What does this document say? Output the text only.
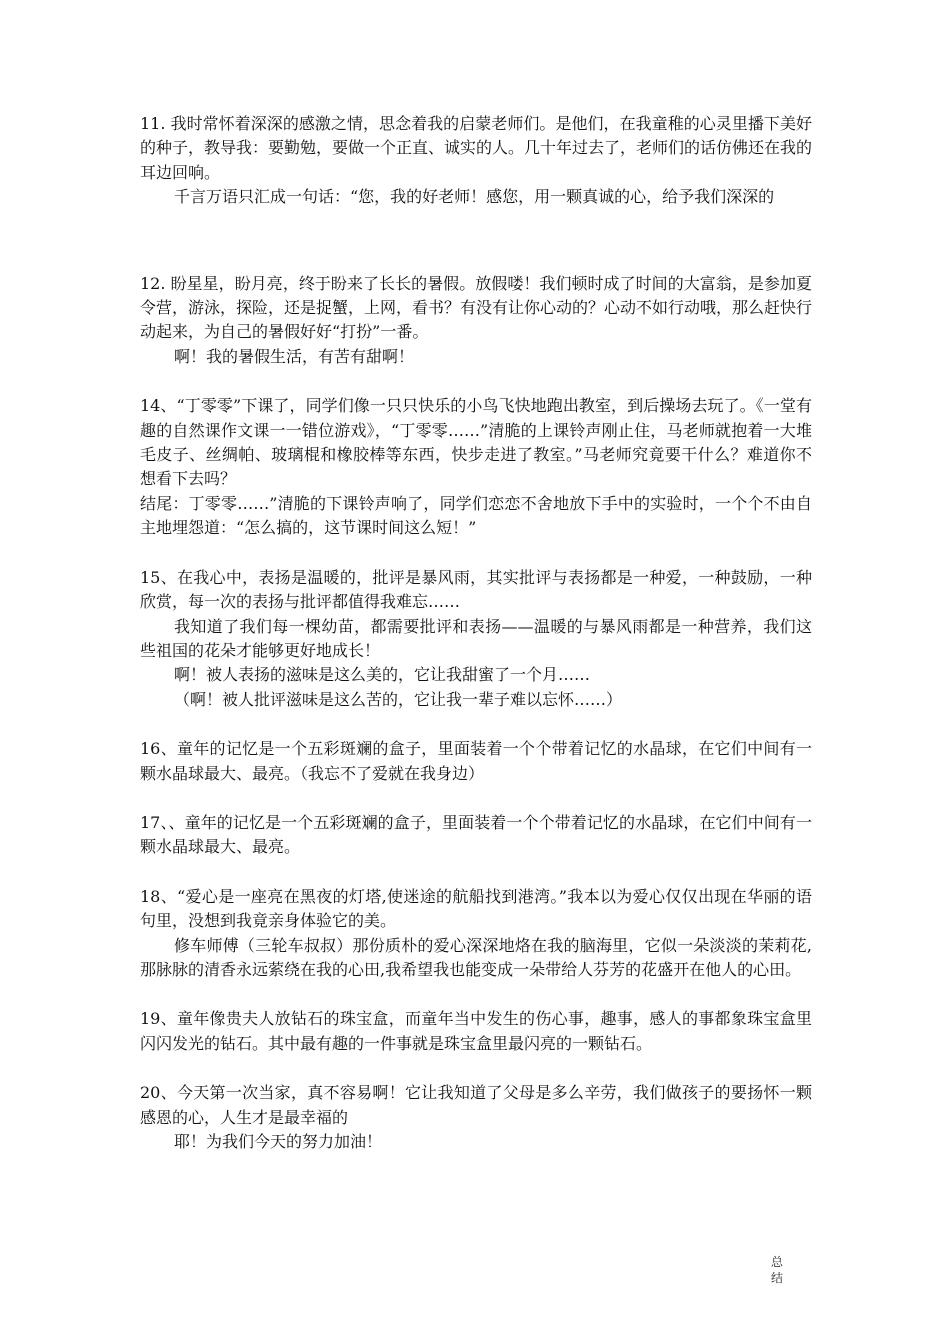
11. 我时常怀着深深的感激之情，思念着我的启蒙老师们。是他们，在我童稚的心灵里播下美好的种子，教导我：要勤勉，要做一个正直、诚实的人。几十年过去了，老师们的话仿佛还在我的耳边回响。

千言万语只汇成一句话：“您，我的好老师！感您，用一颗真诚的心，给予我们深深的

12. 盼星星，盼月亮，终于盼来了长长的暑假。放假喽！我们顿时成了时间的大富翁，是参加夏令营，游泳，探险，还是捉蟹，上网，看书？有没有让你心动的？心动不如行动哦，那么赶快行动起来，为自己的暑假好好“打扮”一番。

啊！我的暑假生活，有苦有甜啊！

14、“丁零零”下课了，同学们像一只只快乐的小鸟飞快地跑出教室，到后操场去玩了。《一堂有趣的自然课作文课一一错位游戏》，“丁零零……”清脆的上课铃声刚止住，马老师就抱着一大堆毛皮子、丝绸帕、玻璃棍和橡胶棒等东西，快步走进了教室。”马老师究竟要干什么？难道你不想看下去吗？

结尾：丁零零……”清脆的下课铃声响了，同学们恋恋不舍地放下手中的实验时，一个个不由自主地埋怨道：“怎么搞的，这节课时间这么短！”

15、在我心中，表扬是温暖的，批评是暴风雨，其实批评与表扬都是一种爱，一种鼓励，一种欣赏，每一次的表扬与批评都值得我难忘……

我知道了我们每一棵幼苗，都需要批评和表扬——温暖的与暴风雨都是一种营养，我们这些祖国的花朵才能够更好地成长！

啊！被人表扬的滋味是这么美的，它让我甜蜜了一个月……

（啊！被人批评滋味是这么苦的，它让我一辈子难以忘怀……）

16、童年的记忆是一个五彩斑斓的盒子，里面装着一个个带着记忆的水晶球，在它们中间有一颗水晶球最大、最亮。（我忘不了爱就在我身边）

17、、童年的记忆是一个五彩斑斓的盒子，里面装着一个个带着记忆的水晶球，在它们中间有一颗水晶球最大、最亮。

18、“爱心是一座亮在黑夜的灯塔,使迷途的航船找到港湾。”我本以为爱心仅仅出现在华丽的语句里，没想到我竟亲身体验它的美。

修车师傅（三轮车叔叔）那份质朴的爱心深深地烙在我的脑海里，它似一朵淡淡的茉莉花,那脉脉的清香永远萦绕在我的心田,我希望我也能变成一朵带给人芬芳的花盛开在他人的心田。

19、童年像贵夫人放钻石的珠宝盒，而童年当中发生的伤心事，趣事，感人的事都象珠宝盒里闪闪发光的钻石。其中最有趣的一件事就是珠宝盒里最闪亮的一颗钻石。

20、今天第一次当家，真不容易啊！它让我知道了父母是多么辛劳，我们做孩子的要扬怀一颗感恩的心，人生才是最幸福的

耶！为我们今天的努力加油！

总结
